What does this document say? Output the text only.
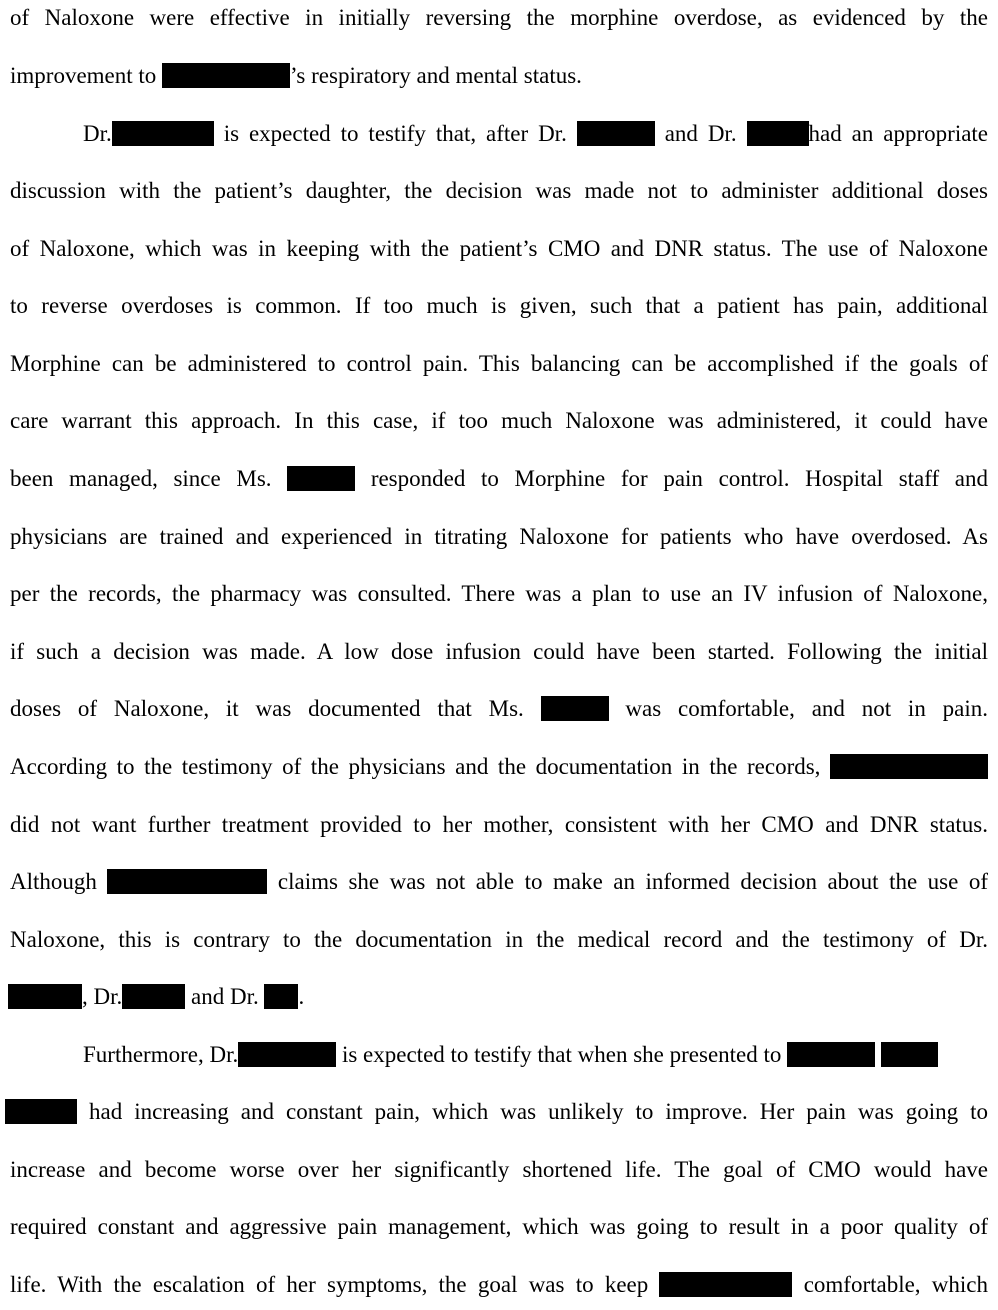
of Naloxone were effective in initially reversing the morphine overdose, as evidenced by the
improvement to	’s respiratory and mental status.
Dr.	is expected to testify that, after Dr.	and Dr.	had an appropriate
discussion with the patient’s daughter, the decision was made not to administer additional doses
of Naloxone, which was in keeping with the patient’s CMO and DNR status. The use of Naloxone
to reverse overdoses is common. If too much is given, such that a patient has pain, additional
Morphine can be administered to control pain. This balancing can be accomplished if the goals of
care warrant this approach. In this case, if too much Naloxone was administered, it could have
been managed, since Ms.	responded to Morphine for pain control. Hospital staff and
physicians are trained and experienced in titrating Naloxone for patients who have overdosed. As
per the records, the pharmacy was consulted. There was a plan to use an IV infusion of Naloxone,
if such a decision was made. A low dose infusion could have been started. Following the initial
doses of Naloxone, it was documented that Ms.	was comfortable, and not in pain.
According to the testimony of the physicians and the documentation in the records,
did not want further treatment provided to her mother, consistent with her CMO and DNR status.
Although	claims she was not able to make an informed decision about the use of
Naloxone, this is contrary to the documentation in the medical record and the testimony of Dr.
, Dr.	and Dr. .
Furthermore, Dr.	is expected to testify that when she presented to
had increasing and constant pain, which was unlikely to improve. Her pain was going to
increase and become worse over her significantly shortened life. The goal of CMO would have
required constant and aggressive pain management, which was going to result in a poor quality of
life. With the escalation of her symptoms, the goal was to keep	comfortable, which
